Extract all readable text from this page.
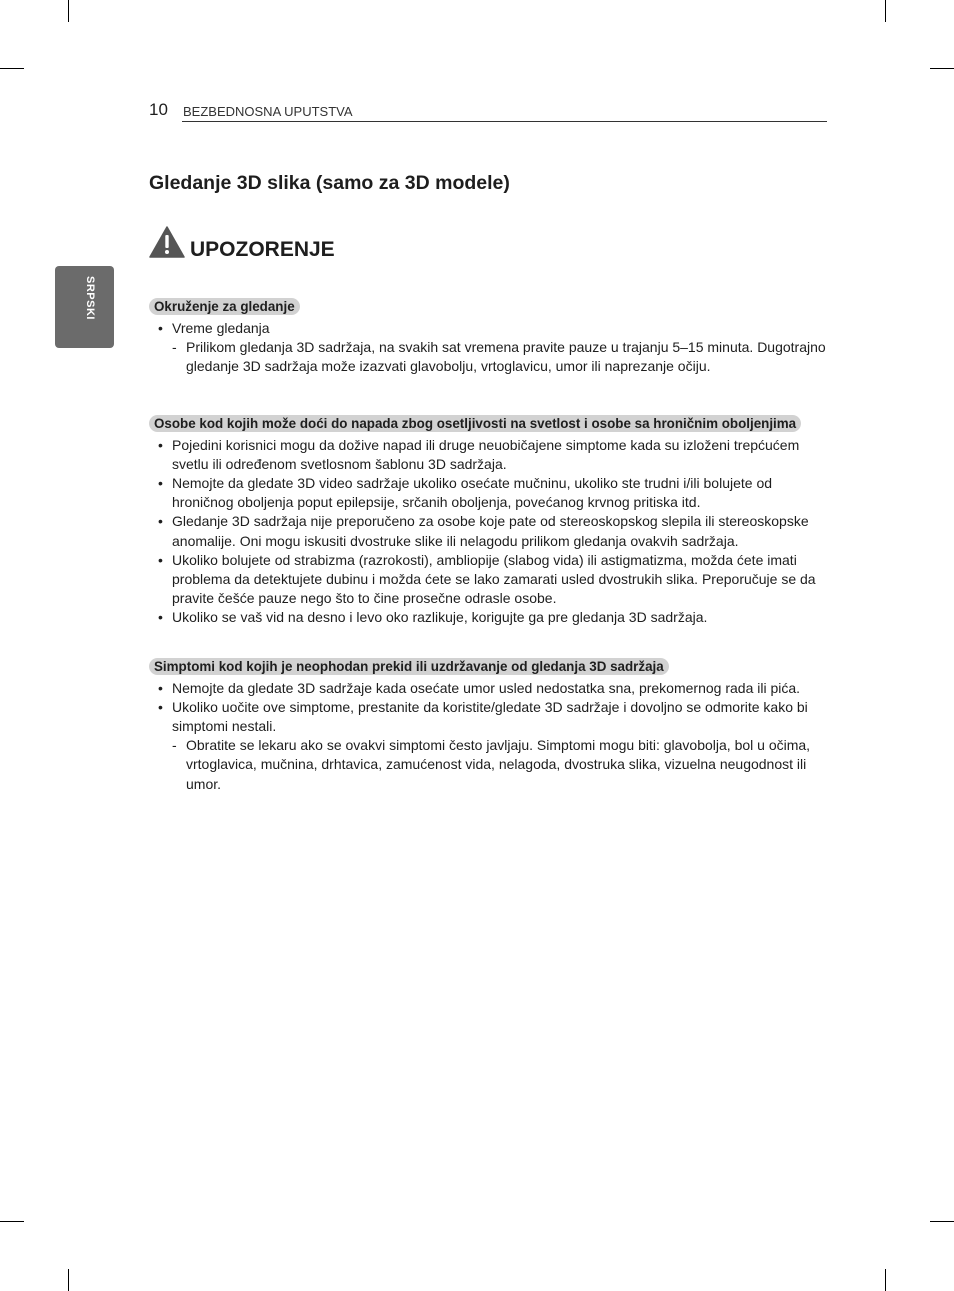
10 BEZBEDNOSNA UPUTSTVA
SRPSKI
Gledanje 3D slika (samo za 3D modele)
UPOZORENJE
Okruženje za gledanje
• Vreme gledanja
- Prilikom gledanja 3D sadržaja, na svakih sat vremena pravite pauze u trajanju 5–15 minuta. Dugotrajno gledanje 3D sadržaja može izazvati glavobolju, vrtoglavicu, umor ili naprezanje očiju.
Osobe kod kojih može doći do napada zbog osetljivosti na svetlost i osobe sa hroničnim oboljenjima
• Pojedini korisnici mogu da dožive napad ili druge neuobičajene simptome kada su izloženi trepćućem svetlu ili određenom svetlosnom šablonu 3D sadržaja.
• Nemojte da gledate 3D video sadržaje ukoliko osećate mučninu, ukoliko ste trudni i/ili bolujete od hroničnog oboljenja poput epilepsije, srčanih oboljenja, povećanog krvnog pritiska itd.
• Gledanje 3D sadržaja nije preporučeno za osobe koje pate od stereoskopskog slepila ili stereoskopske anomalije. Oni mogu iskusiti dvostruke slike ili nelagodu prilikom gledanja ovakvih sadržaja.
• Ukoliko bolujete od strabizma (razrokosti), ambliopije (slabog vida) ili astigmatizma, možda ćete imati problema da detektujete dubinu i možda ćete se lako zamarati usled dvostrukih slika. Preporučuje se da pravite češće pauze nego što to čine prosečne odrasle osobe.
• Ukoliko se vaš vid na desno i levo oko razlikuje, korigujte ga pre gledanja 3D sadržaja.
Simptomi kod kojih je neophodan prekid ili uzdržavanje od gledanja 3D sadržaja
• Nemojte da gledate 3D sadržaje kada osećate umor usled nedostatka sna, prekomernog rada ili pića.
• Ukoliko uočite ove simptome, prestanite da koristite/gledate 3D sadržaje i dovoljno se odmorite kako bi simptomi nestali.
- Obratite se lekaru ako se ovakvi simptomi često javljaju. Simptomi mogu biti: glavobolja, bol u očima, vrtoglavica, mučnina, drhtavica, zamućenost vida, nelagoda, dvostruka slika, vizuelna neugodnost ili umor.
